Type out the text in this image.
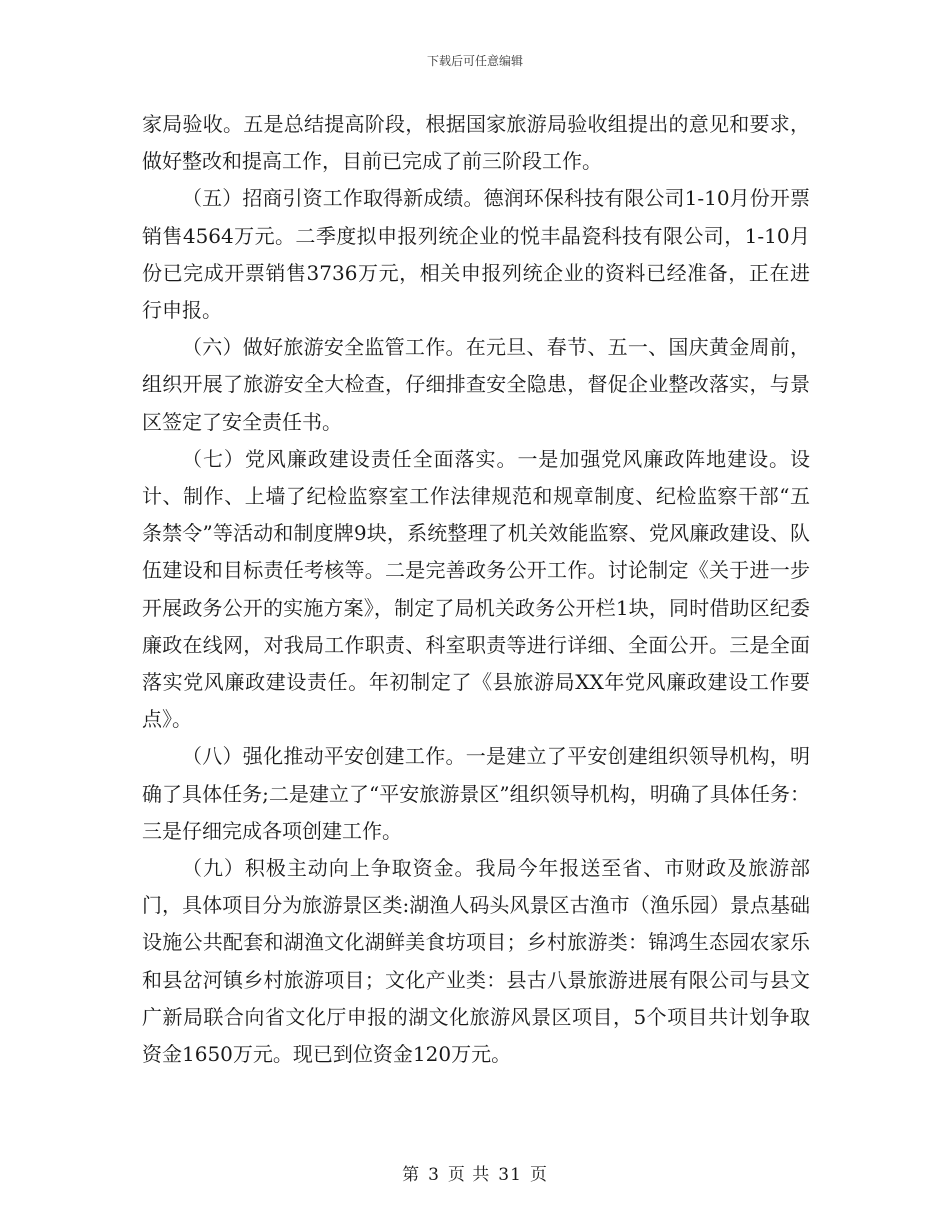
下载后可任意编辑

家局验收。五是总结提高阶段，根据国家旅游局验收组提出的意见和要求，做好整改和提高工作，目前已完成了前三阶段工作。

（五）招商引资工作取得新成绩。德润环保科技有限公司1-10月份开票销售4564万元。二季度拟申报列统企业的悦丰晶瓷科技有限公司，1-10月份已完成开票销售3736万元，相关申报列统企业的资料已经准备，正在进行申报。

（六）做好旅游安全监管工作。在元旦、春节、五一、国庆黄金周前，组织开展了旅游安全大检查，仔细排查安全隐患，督促企业整改落实，与景区签定了安全责任书。

（七）党风廉政建设责任全面落实。一是加强党风廉政阵地建设。设计、制作、上墙了纪检监察室工作法律规范和规章制度、纪检监察干部“五条禁令”等活动和制度牌9块，系统整理了机关效能监察、党风廉政建设、队伍建设和目标责任考核等。二是完善政务公开工作。讨论制定《关于进一步开展政务公开的实施方案》，制定了局机关政务公开栏1块，同时借助区纪委廉政在线网，对我局工作职责、科室职责等进行详细、全面公开。三是全面落实党风廉政建设责任。年初制定了《县旅游局XX年党风廉政建设工作要点》。

（八）强化推动平安创建工作。一是建立了平安创建组织领导机构，明确了具体任务;二是建立了“平安旅游景区”组织领导机构，明确了具体任务：三是仔细完成各项创建工作。

（九）积极主动向上争取资金。我局今年报送至省、市财政及旅游部门，具体项目分为旅游景区类:湖渔人码头风景区古渔市（渔乐园）景点基础设施公共配套和湖渔文化湖鲜美食坊项目；乡村旅游类：锦鸿生态园农家乐和县岔河镇乡村旅游项目；文化产业类：县古八景旅游进展有限公司与县文广新局联合向省文化厅申报的湖文化旅游风景区项目，5个项目共计划争取资金1650万元。现已到位资金120万元。

第 3 页 共 31 页
